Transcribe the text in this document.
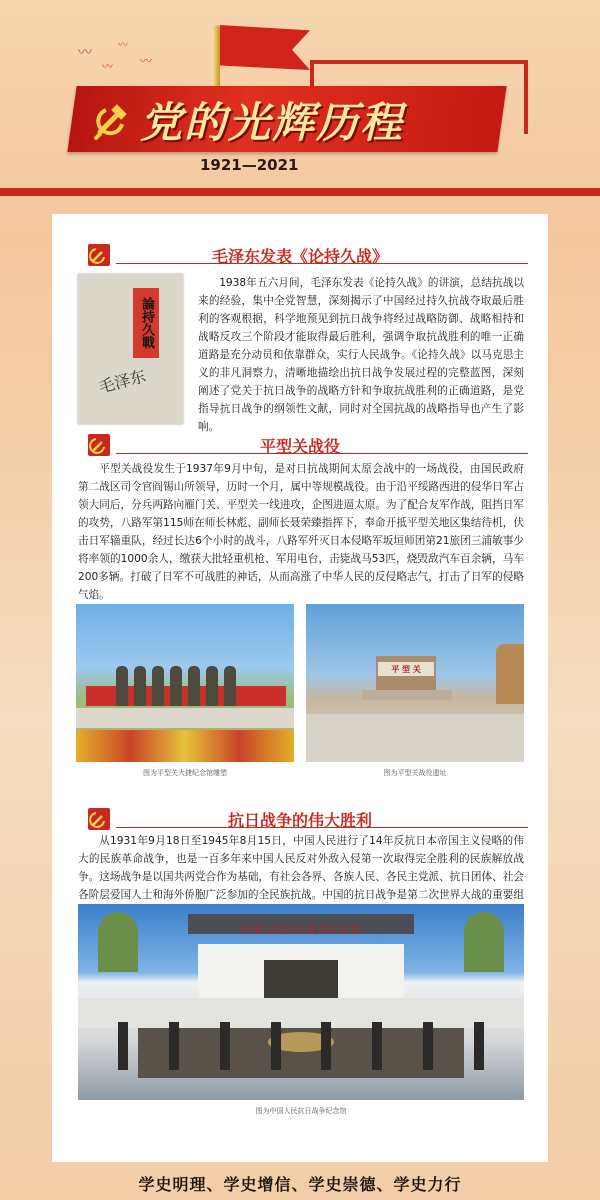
〰
〰
〰
〰
党的光辉历程
1921—2021
毛泽东发表《论持久战》
論持久戰
毛泽东
1938年五六月间，毛泽东发表《论持久战》的讲演，总结抗战以来的经验，集中全党智慧，深刻揭示了中国经过持久抗战夺取最后胜利的客观根据，科学地预见到抗日战争将经过战略防御、战略相持和战略反攻三个阶段才能取得最后胜利，强调争取抗战胜利的唯一正确道路是充分动员和依靠群众，实行人民战争。《论持久战》以马克思主义的非凡洞察力，清晰地描绘出抗日战争发展过程的完整蓝图，深刻阐述了党关于抗日战争的战略方针和争取抗战胜利的正确道路，是党指导抗日战争的纲领性文献，同时对全国抗战的战略指导也产生了影响。
平型关战役
平型关战役发生于1937年9月中旬，是对日抗战期间太原会战中的一场战役，由国民政府第二战区司令官阎锡山所领导，历时一个月，属中等规模战役。由于沿平绥路西进的侵华日军占领大同后，分兵两路向雁门关、平型关一线进攻，企图进逼太原。为了配合友军作战，阻挡日军的攻势，八路军第115师在师长林彪、副师长聂荣臻指挥下，奉命开抵平型关地区集结待机，伏击日军辎重队，经过长达6个小时的战斗，八路军歼灭日本侵略军坂垣师团第21旅团三浦敏事少将率领的1000余人，缴获大批轻重机枪、军用电台，击毙战马53匹，烧毁敌汽车百余辆，马车200多辆。打破了日军不可战胜的神话，从而高涨了中华人民的反侵略志气，打击了日军的侵略气焰。
图为平型关大捷纪念馆雕塑
平 型 关
图为平型关战役遗址
抗日战争的伟大胜利
从1931年9月18日至1945年8月15日，中国人民进行了14年反抗日本帝国主义侵略的伟大的民族革命战争，也是一百多年来中国人民反对外敌入侵第一次取得完全胜利的民族解放战争。这场战争是以国共两党合作为基础，有社会各界、各族人民、各民主党派、抗日团体、社会各阶层爱国人士和海外侨胞广泛参加的全民族抗战。中国的抗日战争是第二次世界大战的重要组
中国人民抗日战争纪念馆
图为中国人民抗日战争纪念馆
学史明理、学史增信、学史崇德、学史力行
